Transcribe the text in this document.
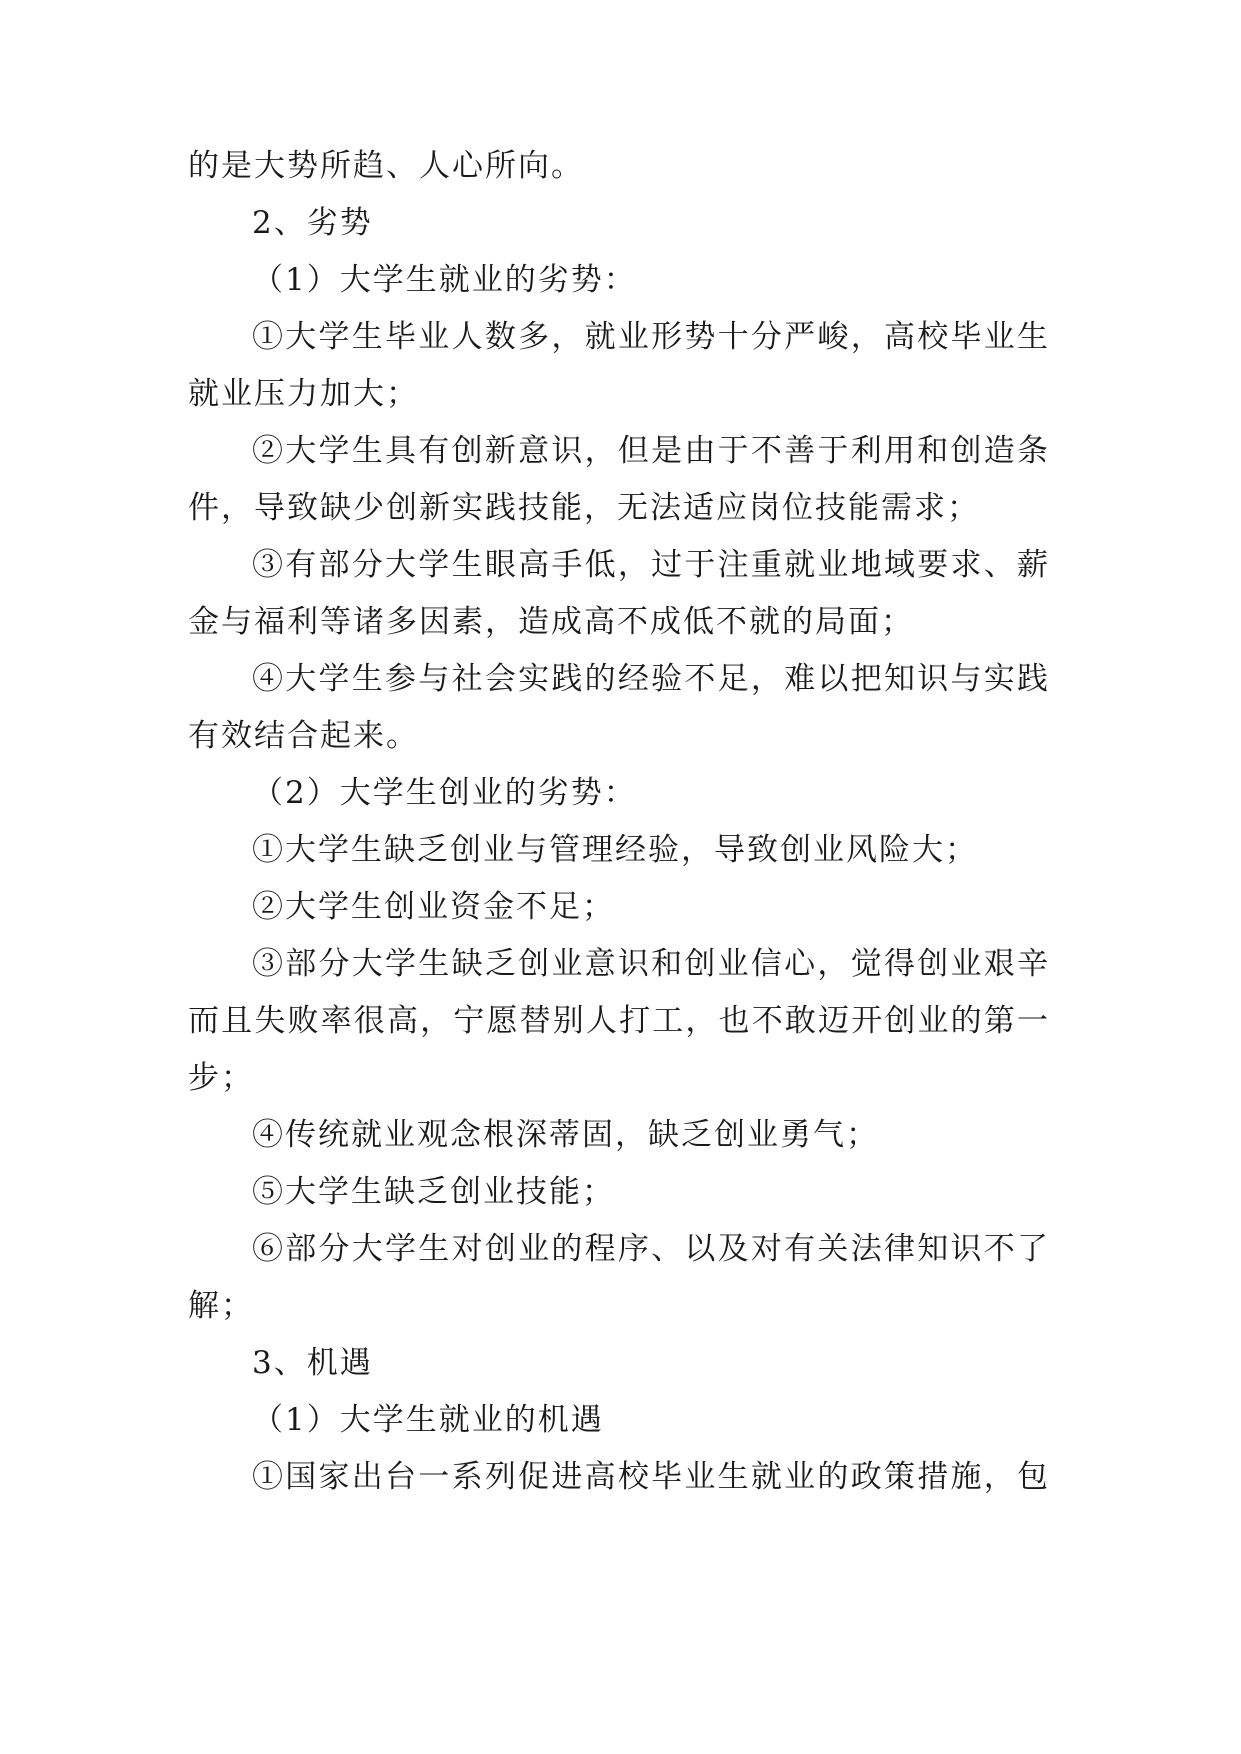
的是大势所趋、人心所向。
2、劣势
（1）大学生就业的劣势：
①大学生毕业人数多，就业形势十分严峻，高校毕业生
就业压力加大；
②大学生具有创新意识，但是由于不善于利用和创造条
件，导致缺少创新实践技能，无法适应岗位技能需求；
③有部分大学生眼高手低，过于注重就业地域要求、薪
金与福利等诸多因素，造成高不成低不就的局面；
④大学生参与社会实践的经验不足，难以把知识与实践
有效结合起来。
（2）大学生创业的劣势：
①大学生缺乏创业与管理经验，导致创业风险大；
②大学生创业资金不足；
③部分大学生缺乏创业意识和创业信心，觉得创业艰辛
而且失败率很高，宁愿替别人打工，也不敢迈开创业的第一
步；
④传统就业观念根深蒂固，缺乏创业勇气；
⑤大学生缺乏创业技能；
⑥部分大学生对创业的程序、以及对有关法律知识不了
解；
3、机遇
（1）大学生就业的机遇
①国家出台一系列促进高校毕业生就业的政策措施，包
